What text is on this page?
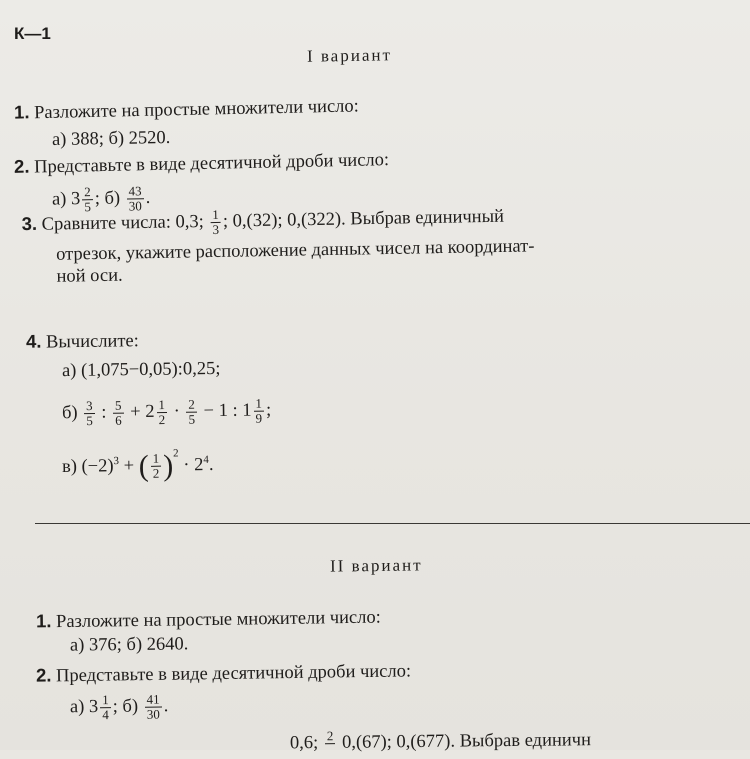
К—1
I вариант
1. Разложите на простые множители число:
а) 388; б) 2520.
2. Представьте в виде десятичной дроби число:
а) $3 \frac{2}{5}$ ; $б) \frac{43}{30}$ .
3. Сравните числа: 0,3; $\frac{1}{3}$ ; 0,(32); 0,(322). Выбрав единичный
отрезок, укажите расположение данных чисел на координат-
ной оси.
4. Вычислите:
а) (1,075−0,05):0,25;
$б) \frac{3}{5}$ : $\frac{5}{6} + 2 \frac{1}{2} \cdot \frac{2}{5} - 1$ : $1 \frac{1}{9}$ ;
в) $(-2)^3$ + ( $\frac{1}{2} )^2 \cdot 2^4$.
II вариант
1. Разложите на простые множители число:
а) 376; б) 2640.
2. Представьте в виде десятичной дроби число:
а) $3 \frac{1}{4}$ ; $б) \frac{41}{30}$ .
0,6; 2
0,(67); 0,(677). Выбрав единичн
